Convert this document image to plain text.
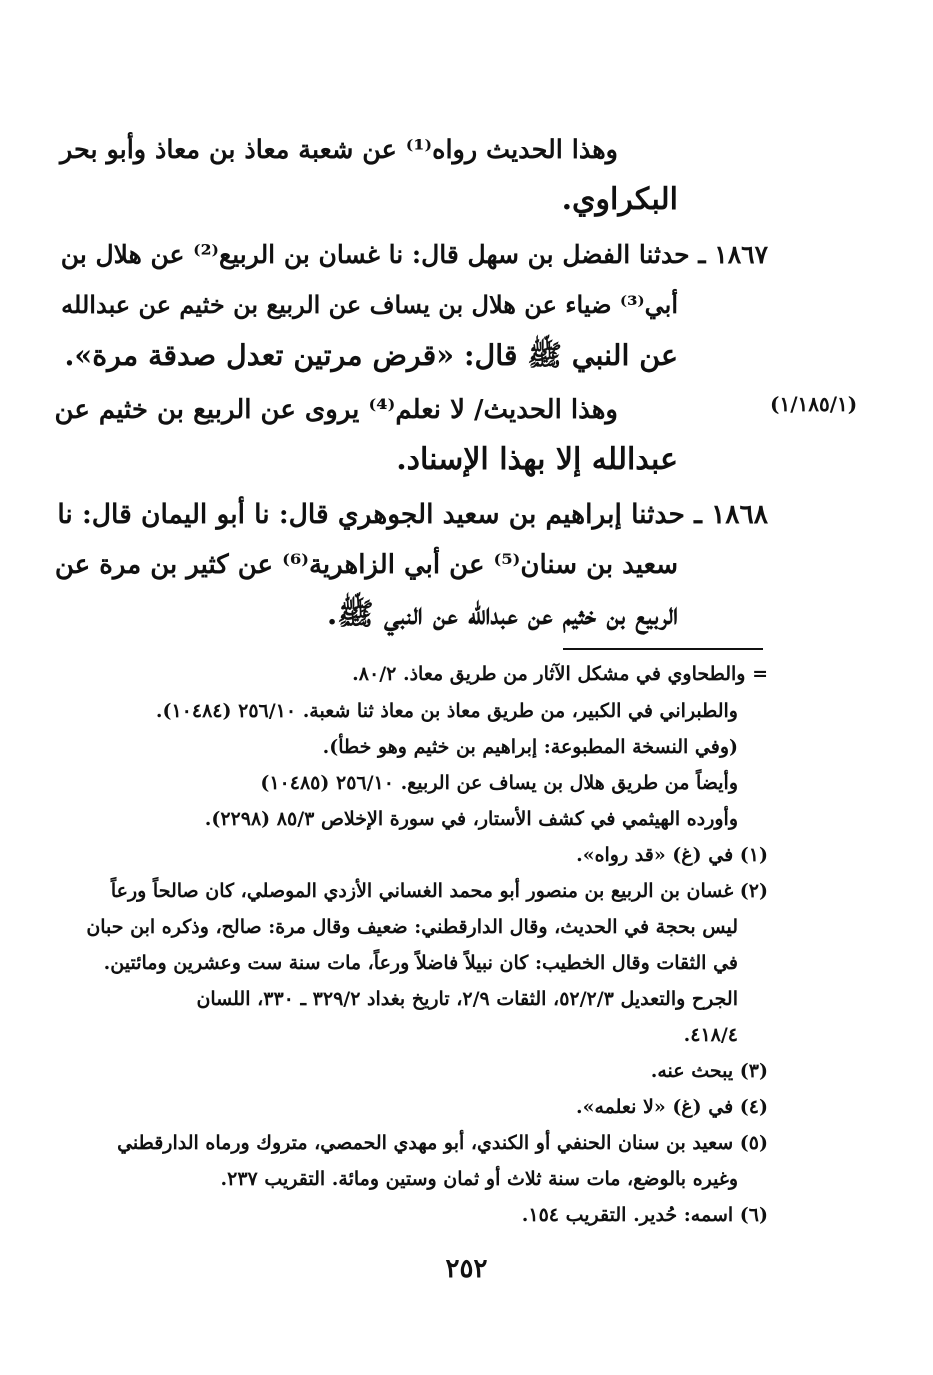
وهذا الحديث رواه⁽¹⁾ عن شعبة معاذ بن معاذ وأبو بحر
البكراوي.
١٨٦٧ ـ حدثنا الفضل بن سهل قال: نا غسان بن الربيع⁽²⁾ عن هلال بن
أبي⁽³⁾ ضياء عن هلال بن يساف عن الربيع بن خثيم عن عبدالله
عن النبي ﷺ قال: «قرض مرتين تعدل صدقة مرة».
وهذا الحديث/ لا نعلم⁽⁴⁾ يروى عن الربيع بن خثيم عن
عبدالله إلا بهذا الإسناد.
١٨٦٨ ـ حدثنا إبراهيم بن سعيد الجوهري قال: نا أبو اليمان قال: نا
سعيد بن سنان⁽⁵⁾ عن أبي الزاهرية⁽⁶⁾ عن كثير بن مرة عن
الربيع بن خثيم عن عبدالله عن النبي ﷺ.
(١/١٨٥/١)
= والطحاوي في مشكل الآثار من طريق معاذ. ٨٠/٢.
والطبراني في الكبير، من طريق معاذ بن معاذ ثنا شعبة. ٢٥٦/١٠ (١٠٤٨٤).
(وفي النسخة المطبوعة: إبراهيم بن خثيم وهو خطأ).
وأيضاً من طريق هلال بن يساف عن الربيع. ٢٥٦/١٠ (١٠٤٨٥)
وأورده الهيثمي في كشف الأستار، في سورة الإخلاص ٨٥/٣ (٢٢٩٨).
(١) في (غ) «قد رواه».
(٢) غسان بن الربيع بن منصور أبو محمد الغساني الأزدي الموصلي، كان صالحاً ورعاً
ليس بحجة في الحديث، وقال الدارقطني: ضعيف وقال مرة: صالح، وذكره ابن حبان
في الثقات وقال الخطيب: كان نبيلاً فاضلاً ورعاً، مات سنة ست وعشرين ومائتين.
الجرح والتعديل ٥٢/٢/٣، الثقات ٢/٩، تاريخ بغداد ٣٢٩/٢ ـ ٣٣٠، اللسان
٤١٨/٤.
(٣) يبحث عنه.
(٤) في (غ) «لا نعلمه».
(٥) سعيد بن سنان الحنفي أو الكندي، أبو مهدي الحمصي، متروك ورماه الدارقطني
وغيره بالوضع، مات سنة ثلاث أو ثمان وستين ومائة. التقريب ٢٣٧.
(٦) اسمه: حُدير. التقريب ١٥٤.
٢٥٢
